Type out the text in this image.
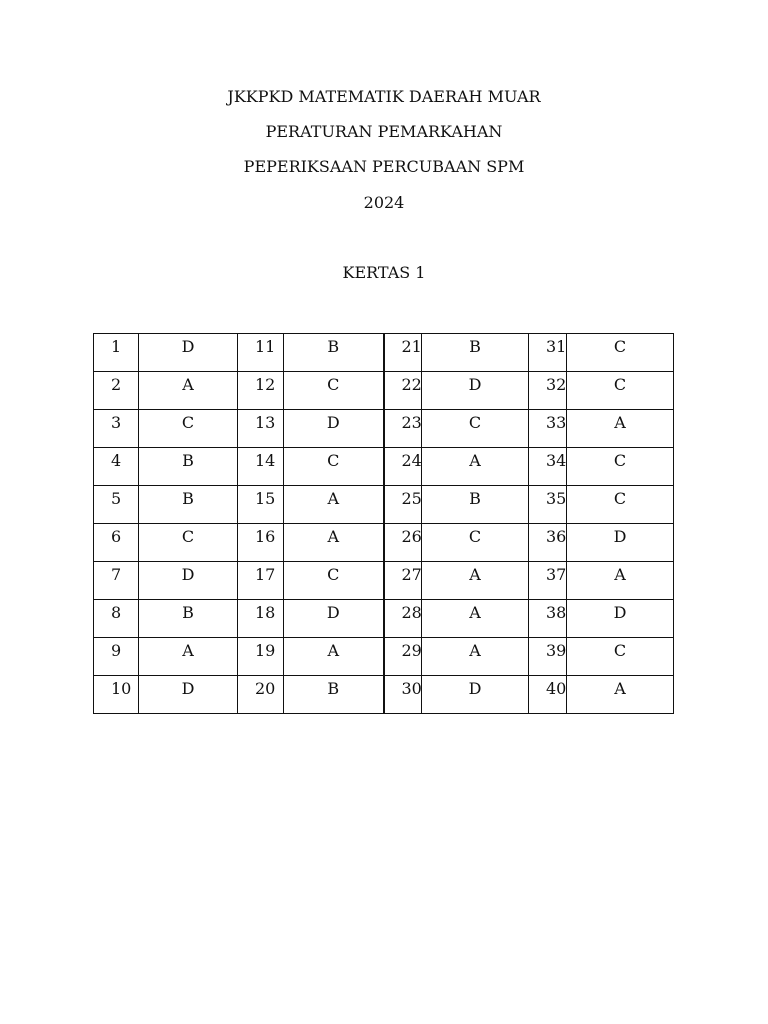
JKKPKD MATEMATIK DAERAH MUAR
PERATURAN PEMARKAHAN
PEPERIKSAAN PERCUBAAN SPM
2024
KERTAS 1
1	D	11	B	21	B	31	C
2	A	12	C	22	D	32	C
3	C	13	D	23	C	33	A
4	B	14	C	24	A	34	C
5	B	15	A	25	B	35	C
6	C	16	A	26	C	36	D
7	D	17	C	27	A	37	A
8	B	18	D	28	A	38	D
9	A	19	A	29	A	39	C
10	D	20	B	30	D	40	A
